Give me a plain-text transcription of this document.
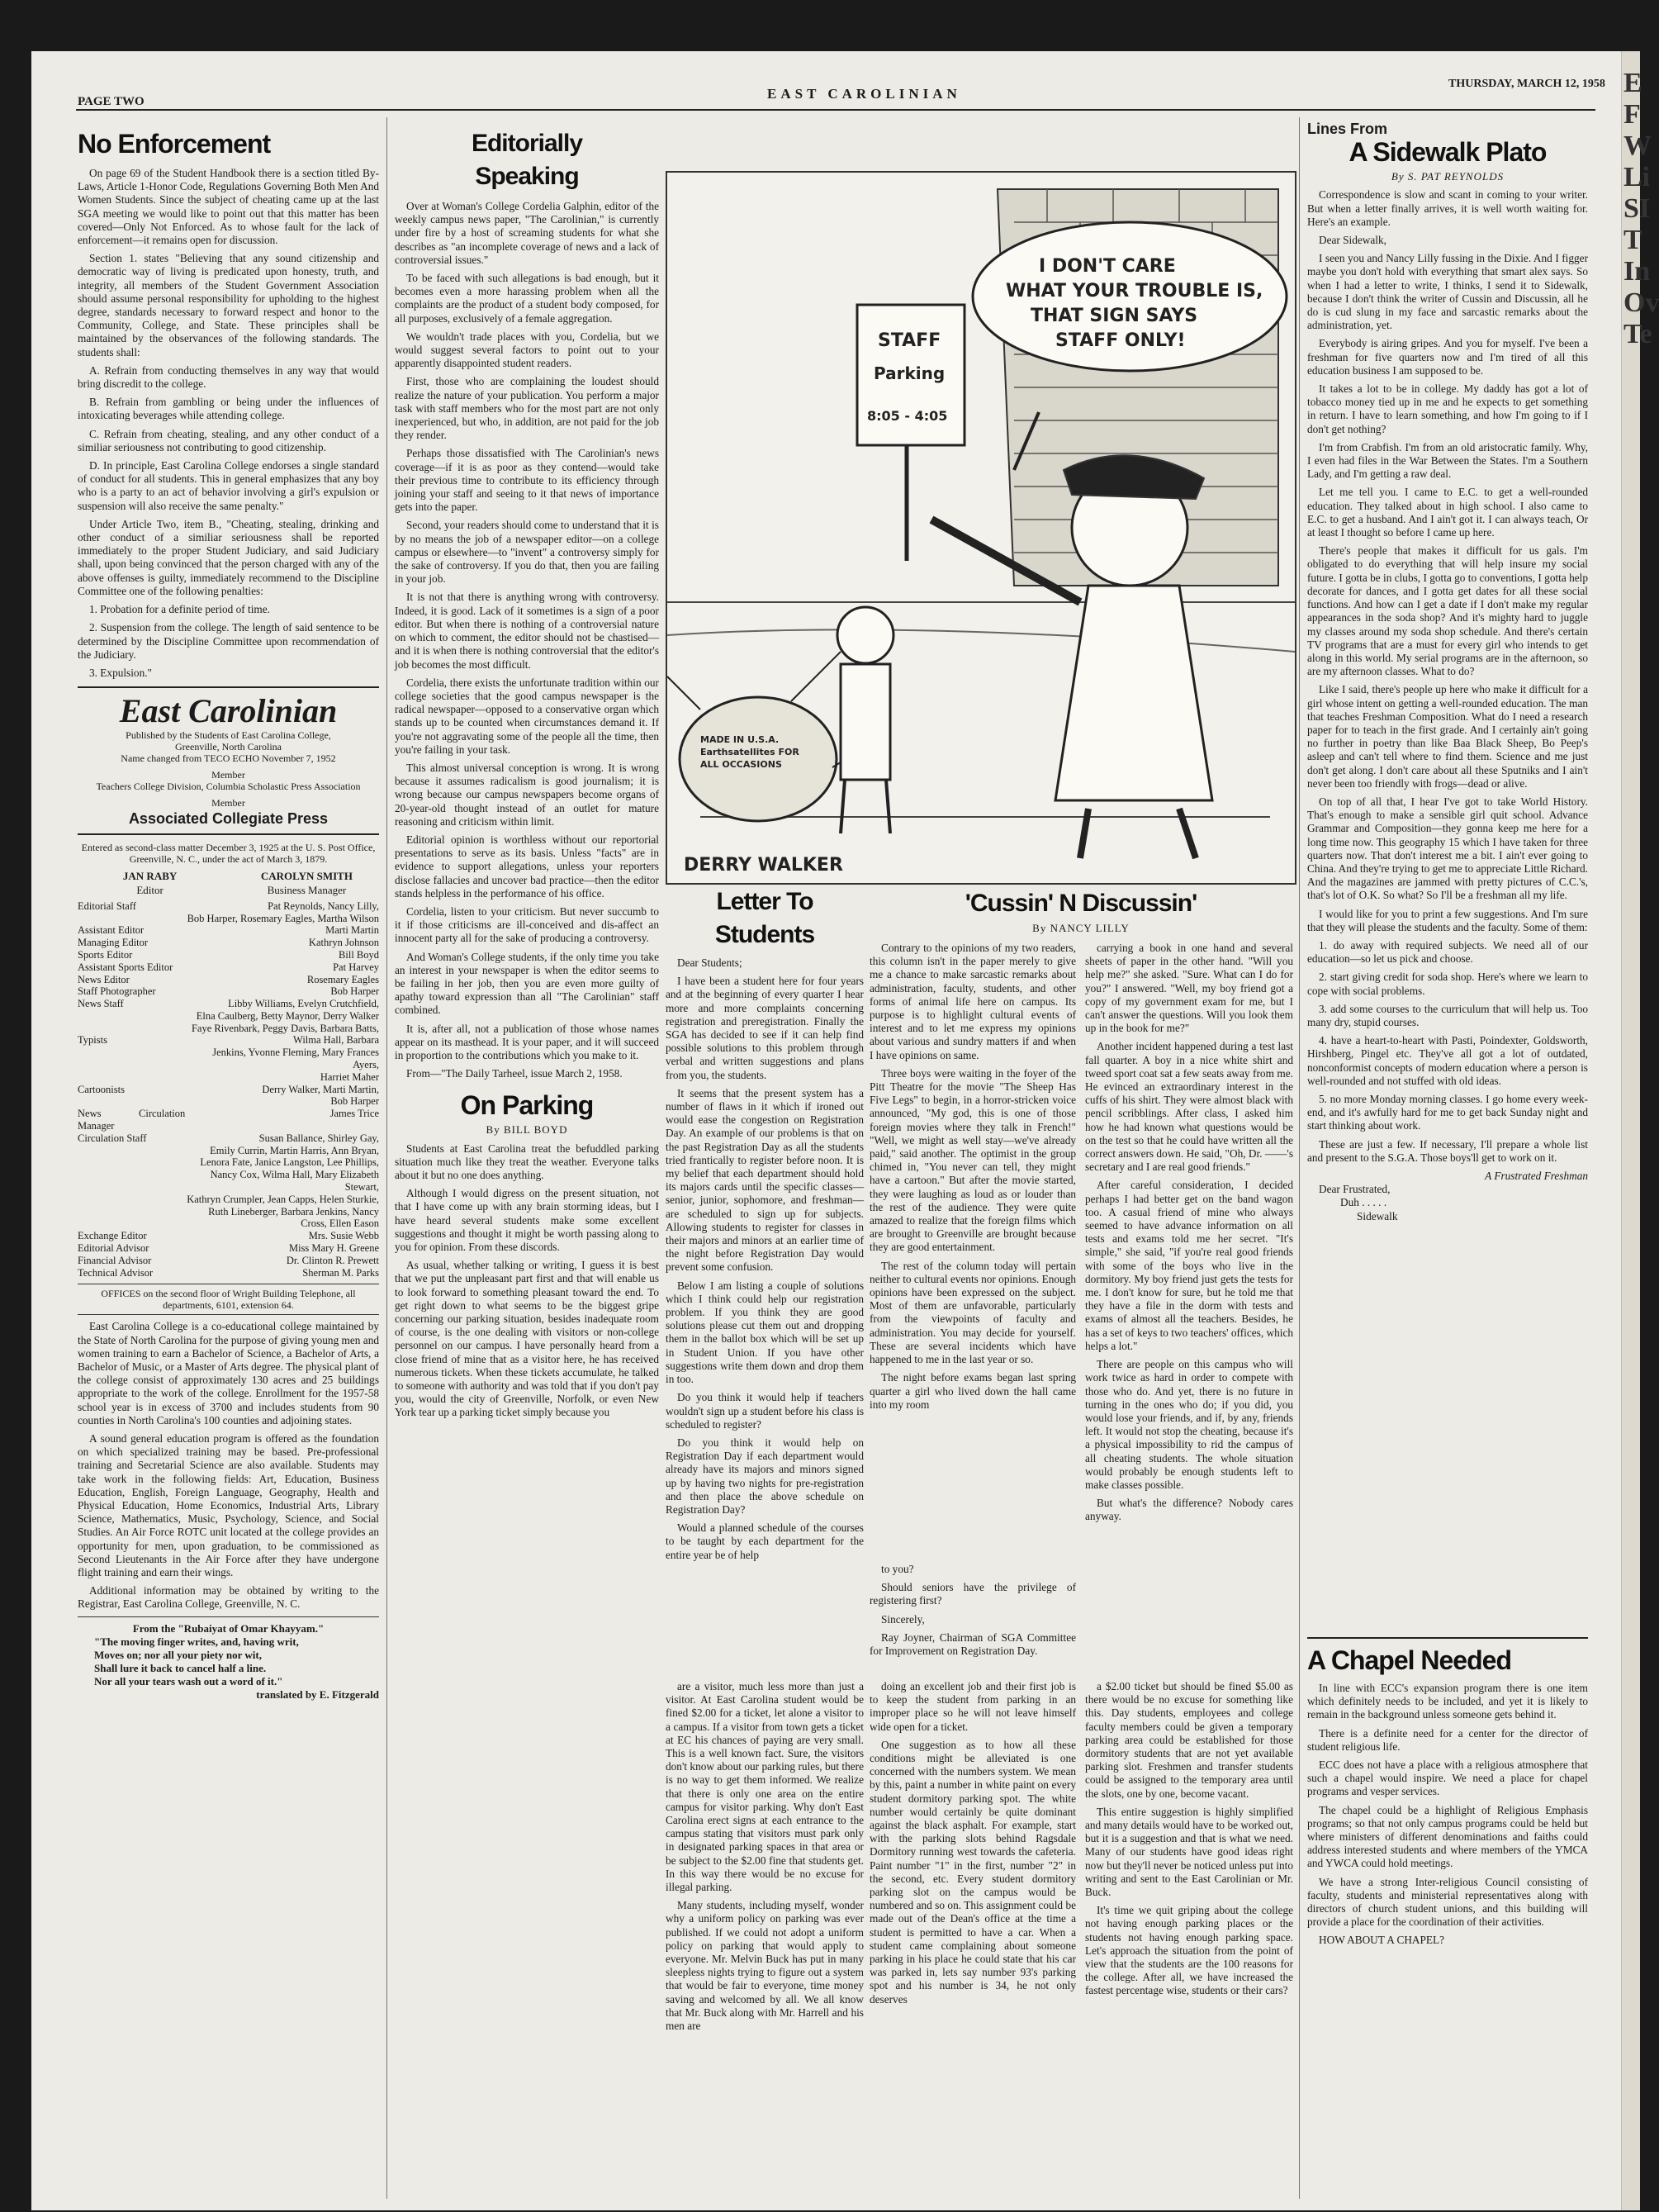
E F W Li SI T In Ov Te
PAGE TWO	EAST CAROLINIAN
THURSDAY, MARCH 12, 1958
No Enforcement

On page 69 of the Student Handbook there is a section titled By-Laws, Article 1-Honor Code, Regulations Governing Both Men And Women Students. Since the subject of cheating came up at the last SGA meeting we would like to point out that this matter has been covered—Only Not Enforced. As to whose fault for the lack of enforcement—it remains open for discussion.

Section 1. states "Believing that any sound citizenship and democratic way of living is predicated upon honesty, truth, and integrity, all members of the Student Government Association should assume personal responsibility for upholding to the highest degree, standards necessary to forward respect and honor to the Community, College, and State. These principles shall be maintained by the observances of the following standards. The students shall:

A. Refrain from conducting themselves in any way that would bring discredit to the college.

B. Refrain from gambling or being under the influences of intoxicating beverages while attending college.

C. Refrain from cheating, stealing, and any other conduct of a similiar seriousness not contributing to good citizenship.

D. In principle, East Carolina College endorses a single standard of conduct for all students. This in general emphasizes that any boy who is a party to an act of behavior involving a girl's expulsion or suspension will also receive the same penalty."

Under Article Two, item B., "Cheating, stealing, drinking and other conduct of a similiar seriousness shall be reported immediately to the proper Student Judiciary, and said Judiciary shall, upon being convinced that the person charged with any of the above offenses is guilty, immediately recommend to the Discipline Committee one of the following penalties:

1. Probation for a definite period of time.

2. Suspension from the college. The length of said sentence to be determined by the Discipline Committee upon recommendation of the Judiciary.

3. Expulsion."

East Carolinian
Published by the Students of East Carolina College,
Greenville, North Carolina
Name changed from TECO ECHO November 7, 1952
Member
Teachers College Division, Columbia Scholastic Press Association
Member
Associated Collegiate Press
Entered as second-class matter December 3, 1925 at the U. S. Post Office, Greenville, N. C., under the act of March 3, 1879.
JAN RABY
Editor
CAROLYN SMITH
Business Manager
Editorial Staff	Pat Reynolds, Nancy Lilly,
	Bob Harper, Rosemary Eagles, Martha Wilson
Assistant Editor	Marti Martin
Managing Editor	Kathryn Johnson
Sports Editor	Bill Boyd
Assistant Sports Editor	Pat Harvey
News Editor	Rosemary Eagles
Staff Photographer	Bob Harper
News Staff	Libby Williams, Evelyn Crutchfield,
	Elna Caulberg, Betty Maynor, Derry Walker
	Faye Rivenbark, Peggy Davis, Barbara Batts,
Typists	Wilma Hall, Barbara
	Jenkins, Yvonne Fleming, Mary Frances Ayers,
	Harriet Maher
Cartoonists	Derry Walker, Marti Martin,
	Bob Harper
News Circulation Manager	James Trice
Circulation Staff	Susan Ballance, Shirley Gay,
	Emily Currin, Martin Harris, Ann Bryan,
	Lenora Fate, Janice Langston, Lee Phillips,
	Nancy Cox, Wilma Hall, Mary Elizabeth Stewart,
	Kathryn Crumpler, Jean Capps, Helen Sturkie,
	Ruth Lineberger, Barbara Jenkins, Nancy
	Cross, Ellen Eason
Exchange Editor	Mrs. Susie Webb
Editorial Advisor	Miss Mary H. Greene
Financial Advisor	Dr. Clinton R. Prewett
Technical Advisor	Sherman M. Parks
OFFICES on the second floor of Wright Building Telephone, all departments, 6101, extension 64.

East Carolina College is a co-educational college maintained by the State of North Carolina for the purpose of giving young men and women training to earn a Bachelor of Science, a Bachelor of Arts, a Bachelor of Music, or a Master of Arts degree. The physical plant of the college consist of approximately 130 acres and 25 buildings appropriate to the work of the college. Enrollment for the 1957-58 school year is in excess of 3700 and includes students from 90 counties in North Carolina's 100 counties and adjoining states.

A sound general education program is offered as the foundation on which specialized training may be based. Pre-professional training and Secretarial Science are also available. Students may take work in the following fields: Art, Education, Business Education, English, Foreign Language, Geography, Health and Physical Education, Home Economics, Industrial Arts, Library Science, Mathematics, Music, Psychology, Science, and Social Studies. An Air Force ROTC unit located at the college provides an opportunity for men, upon graduation, to be commissioned as Second Lieutenants in the Air Force after they have undergone flight training and earn their wings.

Additional information may be obtained by writing to the Registrar, East Carolina College, Greenville, N. C.

From the "Rubaiyat of Omar Khayyam."
"The moving finger writes, and, having writ,
Moves on; nor all your piety nor wit,
Shall lure it back to cancel half a line.
Nor all your tears wash out a word of it."
translated by E. Fitzgerald
Editorially
Speaking

Over at Woman's College Cordelia Galphin, editor of the weekly campus news paper, "The Carolinian," is currently under fire by a host of screaming students for what she describes as "an incomplete coverage of news and a lack of controversial issues."

To be faced with such allegations is bad enough, but it becomes even a more harassing problem when all the complaints are the product of a student body composed, for all purposes, exclusively of a female aggregation.

We wouldn't trade places with you, Cordelia, but we would suggest several factors to point out to your apparently disappointed student readers.

First, those who are complaining the loudest should realize the nature of your publication. You perform a major task with staff members who for the most part are not only inexperienced, but who, in addition, are not paid for the job they render.

Perhaps those dissatisfied with The Carolinian's news coverage—if it is as poor as they contend—would take their previous time to contribute to its efficiency through joining your staff and seeing to it that news of importance gets into the paper.

Second, your readers should come to understand that it is by no means the job of a newspaper editor—on a college campus or elsewhere—to "invent" a controversy simply for the sake of controversy. If you do that, then you are failing in your job.

It is not that there is anything wrong with controversy. Indeed, it is good. Lack of it sometimes is a sign of a poor editor. But when there is nothing of a controversial nature on which to comment, the editor should not be chastised—and it is when there is nothing controversial that the editor's job becomes the most difficult.

Cordelia, there exists the unfortunate tradition within our college societies that the good campus newspaper is the radical newspaper—opposed to a conservative organ which stands up to be counted when circumstances demand it. If you're not aggravating some of the people all the time, then you're failing in your task.

This almost universal conception is wrong. It is wrong because it assumes radicalism is good journalism; it is wrong because our campus newspapers become organs of 20-year-old thought instead of an outlet for mature reasoning and criticism within limit.

Editorial opinion is worthless without our reportorial presentations to serve as its basis. Unless "facts" are in evidence to support allegations, unless your reporters disclose fallacies and uncover bad practice—then the editor stands helpless in the performance of his office.

Cordelia, listen to your criticism. But never succumb to it if those criticisms are ill-conceived and dis-affect an innocent party all for the sake of producing a controversy.

And Woman's College students, if the only time you take an interest in your newspaper is when the editor seems to be failing in her job, then you are even more guilty of apathy toward expression than all "The Carolinian" staff combined.

It is, after all, not a publication of those whose names appear on its masthead. It is your paper, and it will succeed in proportion to the contributions which you make to it.

From—"The Daily Tarheel, issue March 2, 1958.

On Parking
By BILL BOYD

Students at East Carolina treat the befuddled parking situation much like they treat the weather. Everyone talks about it but no one does anything.

Although I would digress on the present situation, not that I have come up with any brain storming ideas, but I have heard several students make some excellent suggestions and thought it might be worth passing along to you for opinion. From these discords.

As usual, whether talking or writing, I guess it is best that we put the unpleasant part first and that will enable us to look forward to something pleasant toward the end. To get right down to what seems to be the biggest gripe concerning our parking situation, besides inadequate room of course, is the one dealing with visitors or non-college personnel on our campus. I have personally heard from a close friend of mine that as a visitor here, he has received numerous tickets. When these tickets accumulate, he talked to someone with authority and was told that if you don't pay you, would the city of Greenville, Norfolk, or even New York tear up a parking ticket simply because you

I DON'T CARE
WHAT YOUR TROUBLE IS,
THAT SIGN SAYS
STAFF ONLY!
STAFF
Parking
8:05 - 4:05
MADE IN U.S.A.
Earthsatellites FOR
ALL OCCASIONS
DERRY WALKER
Letter To
Students

Dear Students;

I have been a student here for four years and at the beginning of every quarter I hear more and more complaints concerning registration and preregistration. Finally the SGA has decided to see if it can help find possible solutions to this problem through verbal and written suggestions and plans from you, the students.

It seems that the present system has a number of flaws in it which if ironed out would ease the congestion on Registration Day. An example of our problems is that on the past Registration Day as all the students tried frantically to register before noon. It is my belief that each department should hold its majors cards until the specific classes—senior, junior, sophomore, and freshman—are scheduled to sign up for subjects. Allowing students to register for classes in their majors and minors at an earlier time of the night before Registration Day would prevent some confusion.

Below I am listing a couple of solutions which I think could help our registration problem. If you think they are good solutions please cut them out and dropping them in the ballot box which will be set up in Student Union. If you have other suggestions write them down and drop them in too.

Do you think it would help if teachers wouldn't sign up a student before his class is scheduled to register?

Do you think it would help on Registration Day if each department would already have its majors and minors signed up by having two nights for pre-registration and then place the above schedule on Registration Day?

Would a planned schedule of the courses to be taught by each department for the entire year be of help

'Cussin' N Discussin'
By NANCY LILLY

Contrary to the opinions of my two readers, this column isn't in the paper merely to give me a chance to make sarcastic remarks about administration, faculty, students, and other forms of animal life here on campus. Its purpose is to highlight cultural events of interest and to let me express my opinions about various and sundry matters if and when I have opinions on same.

Three boys were waiting in the foyer of the Pitt Theatre for the movie "The Sheep Has Five Legs" to begin, in a horror-stricken voice announced, "My god, this is one of those foreign movies where they talk in French!" "Well, we might as well stay—we've already paid," said another. The optimist in the group chimed in, "You never can tell, they might have a cartoon." But after the movie started, they were laughing as loud as or louder than the rest of the audience. They were quite amazed to realize that the foreign films which are brought to Greenville are brought because they are good entertainment.

The rest of the column today will pertain neither to cultural events nor opinions. Enough opinions have been expressed on the subject. Most of them are unfavorable, particularly from the viewpoints of faculty and administration. You may decide for yourself. These are several incidents which have happened to me in the last year or so.

The night before exams began last spring quarter a girl who lived down the hall came into my room

carrying a book in one hand and several sheets of paper in the other hand. "Will you help me?" she asked. "Sure. What can I do for you?" I answered. "Well, my boy friend got a copy of my government exam for me, but I can't answer the questions. Will you look them up in the book for me?"

Another incident happened during a test last fall quarter. A boy in a nice white shirt and tweed sport coat sat a few seats away from me. He evinced an extraordinary interest in the cuffs of his shirt. They were almost black with pencil scribblings. After class, I asked him how he had known what questions would be on the test so that he could have written all the correct answers down. He said, "Oh, Dr. ——'s secretary and I are real good friends."

After careful consideration, I decided perhaps I had better get on the band wagon too. A casual friend of mine who always seemed to have advance information on all tests and exams told me her secret. "It's simple," she said, "if you're real good friends with some of the boys who live in the dormitory. My boy friend just gets the tests for me. I don't know for sure, but he told me that they have a file in the dorm with tests and exams of almost all the teachers. Besides, he has a set of keys to two teachers' offices, which helps a lot."

There are people on this campus who will work twice as hard in order to compete with those who do. And yet, there is no future in turning in the ones who do; if you did, you would lose your friends, and if, by any, friends left. It would not stop the cheating, because it's a physical impossibility to rid the campus of all cheating students. The whole situation would probably be enough students left to make classes possible.

But what's the difference? Nobody cares anyway.

to you?

Should seniors have the privilege of registering first?

Sincerely,

Ray Joyner, Chairman of SGA Committee for Improvement on Registration Day.

are a visitor, much less more than just a visitor. At East Carolina student would be fined $2.00 for a ticket, let alone a visitor to a campus. If a visitor from town gets a ticket at EC his chances of paying are very small. This is a well known fact. Sure, the visitors don't know about our parking rules, but there is no way to get them informed. We realize that there is only one area on the entire campus for visitor parking. Why don't East Carolina erect signs at each entrance to the campus stating that visitors must park only in designated parking spaces in that area or be subject to the $2.00 fine that students get. In this way there would be no excuse for illegal parking.

Many students, including myself, wonder why a uniform policy on parking was ever published. If we could not adopt a uniform policy on parking that would apply to everyone. Mr. Melvin Buck has put in many sleepless nights trying to figure out a system that would be fair to everyone, time money saving and welcomed by all. We all know that Mr. Buck along with Mr. Harrell and his men are

doing an excellent job and their first job is to keep the student from parking in an improper place so he will not leave himself wide open for a ticket.

One suggestion as to how all these conditions might be alleviated is one concerned with the numbers system. We mean by this, paint a number in white paint on every student dormitory parking spot. The white number would certainly be quite dominant against the black asphalt. For example, start with the parking slots behind Ragsdale Dormitory running west towards the cafeteria. Paint number "1" in the first, number "2" in the second, etc. Every student dormitory parking slot on the campus would be numbered and so on. This assignment could be made out of the Dean's office at the time a student is permitted to have a car. When a student came complaining about someone parking in his place he could state that his car was parked in, lets say number 93's parking spot and his number is 34, he not only deserves

a $2.00 ticket but should be fined $5.00 as there would be no excuse for something like this. Day students, employees and college faculty members could be given a temporary parking area could be established for those dormitory students that are not yet available parking slot. Freshmen and transfer students could be assigned to the temporary area until the slots, one by one, become vacant.

This entire suggestion is highly simplified and many details would have to be worked out, but it is a suggestion and that is what we need. Many of our students have good ideas right now but they'll never be noticed unless put into writing and sent to the East Carolinian or Mr. Buck.

It's time we quit griping about the college not having enough parking places or the students not having enough parking space. Let's approach the situation from the point of view that the students are the 100 reasons for the college. After all, we have increased the fastest percentage wise, students or their cars?

Lines From
A Sidewalk Plato
By S. PAT REYNOLDS

Correspondence is slow and scant in coming to your writer. But when a letter finally arrives, it is well worth waiting for. Here's an example.

Dear Sidewalk,

I seen you and Nancy Lilly fussing in the Dixie. And I figger maybe you don't hold with everything that smart alex says. So when I had a letter to write, I thinks, I send it to Sidewalk, because I don't think the writer of Cussin and Discussin, all he do is cud slung in my face and sarcastic remarks about the administration, yet.

Everybody is airing gripes. And you for myself. I've been a freshman for five quarters now and I'm tired of all this education business I am supposed to be.

It takes a lot to be in college. My daddy has got a lot of tobacco money tied up in me and he expects to get something in return. I have to learn something, and how I'm going to if I don't get nothing?

I'm from Crabfish. I'm from an old aristocratic family. Why, I even had files in the War Between the States. I'm a Southern Lady, and I'm getting a raw deal.

Let me tell you. I came to E.C. to get a well-rounded education. They talked about in high school. I also came to E.C. to get a husband. And I ain't got it. I can always teach, Or at least I thought so before I came up here.

There's people that makes it difficult for us gals. I'm obligated to do everything that will help insure my social future. I gotta be in clubs, I gotta go to conventions, I gotta help decorate for dances, and I gotta get dates for all these social functions. And how can I get a date if I don't make my regular appearances in the soda shop? And it's mighty hard to juggle my classes around my soda shop schedule. And there's certain TV programs that are a must for every girl who intends to get along in this world. My serial programs are in the afternoon, so are my afternoon classes. What to do?

Like I said, there's people up here who make it difficult for a girl whose intent on getting a well-rounded education. The man that teaches Freshman Composition. What do I need a research paper for to teach in the first grade. And I certainly ain't going no further in poetry than like Baa Black Sheep, Bo Peep's asleep and can't tell where to find them. Science and me just don't get along. I don't care about all these Sputniks and I ain't never been too friendly with frogs—dead or alive.

On top of all that, I hear I've got to take World History. That's enough to make a sensible girl quit school. Advance Grammar and Composition—they gonna keep me here for a long time now. This geography 15 which I have taken for three quarters now. That don't interest me a bit. I ain't ever going to China. And they're trying to get me to appreciate Little Richard. And the magazines are jammed with pretty pictures of C.C.'s, that's lot of O.K. So what? So I'll be a freshman all my life.

I would like for you to print a few suggestions. And I'm sure that they will please the students and the faculty. Some of them:

1. do away with required subjects. We need all of our education—so let us pick and choose.

2. start giving credit for soda shop. Here's where we learn to cope with social problems.

3. add some courses to the curriculum that will help us. Too many dry, stupid courses.

4. have a heart-to-heart with Pasti, Poindexter, Goldsworth, Hirshberg, Pingel etc. They've all got a lot of outdated, nonconformist concepts of modern education where a person is well-rounded and not stuffed with old ideas.

5. no more Monday morning classes. I go home every week-end, and it's awfully hard for me to get back Sunday night and start thinking about work.

These are just a few. If necessary, I'll prepare a whole list and present to the S.G.A. Those boys'll get to work on it.

A Frustrated Freshman
Dear Frustrated,
Duh . . . . .
Sidewalk
A Chapel Needed

In line with ECC's expansion program there is one item which definitely needs to be included, and yet it is likely to remain in the background unless someone gets behind it.

There is a definite need for a center for the director of student religious life.

ECC does not have a place with a religious atmosphere that such a chapel would inspire. We need a place for chapel programs and vesper services.

The chapel could be a highlight of Religious Emphasis programs; so that not only campus programs could be held but where ministers of different denominations and faiths could address interested students and where members of the YMCA and YWCA could hold meetings.

We have a strong Inter-religious Council consisting of faculty, students and ministerial representatives along with directors of church student unions, and this building will provide a place for the coordination of their activities.

HOW ABOUT A CHAPEL?
